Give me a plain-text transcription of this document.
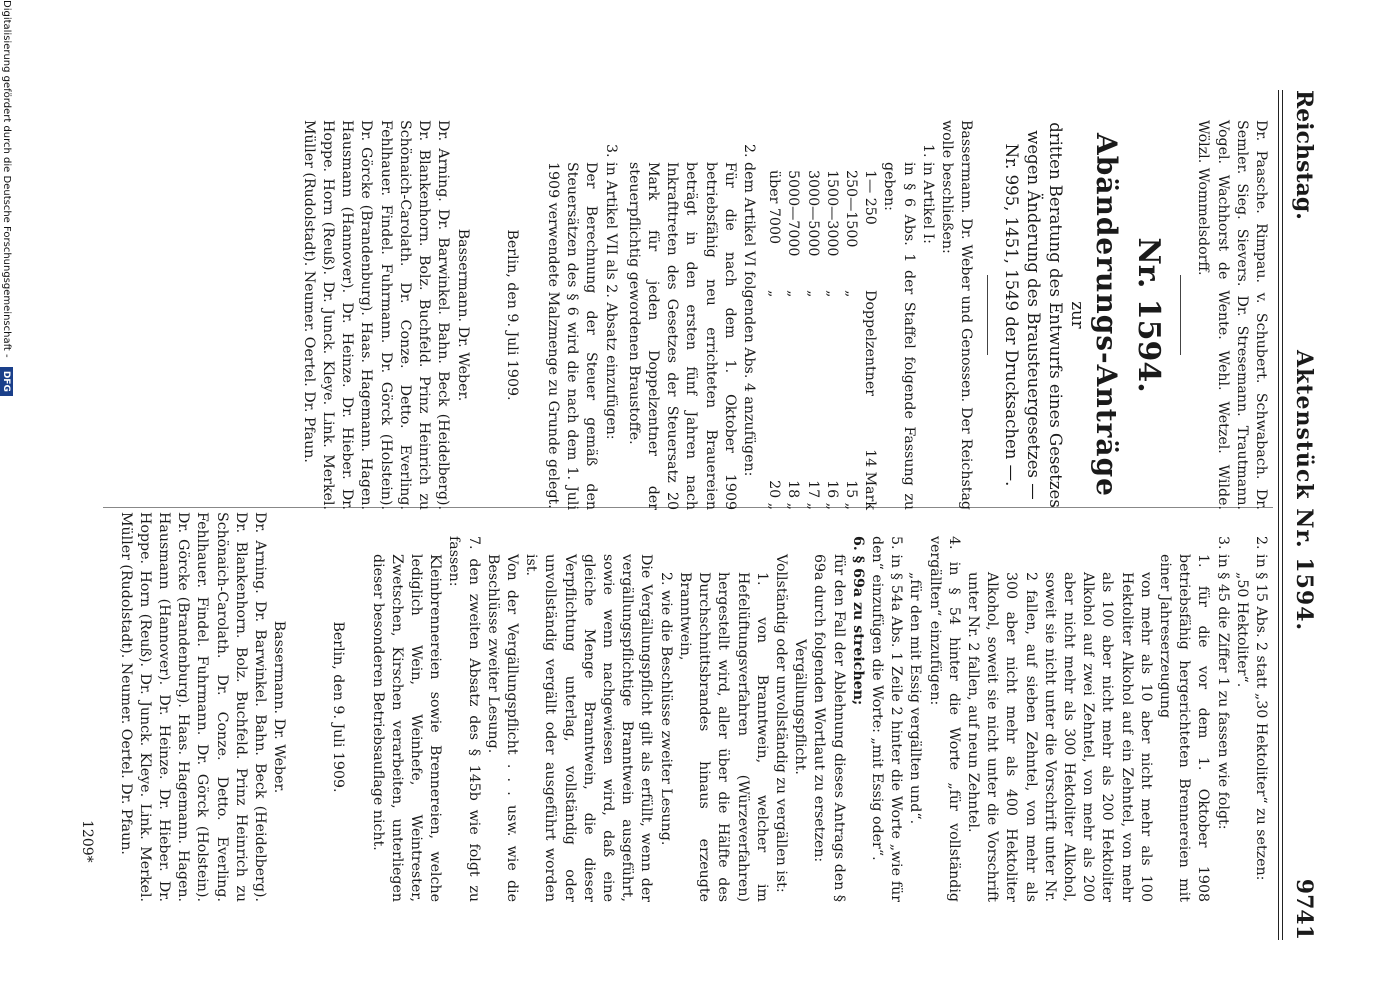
Reichstag.
Aktenstück Nr. 1594.
9741

Dr. Paasche. Rimpau. v. Schubert. Schwabach. Dr. Semler. Sieg. Sievers. Dr. Stresemann. Trautmann. Vogel. Wachhorst de Wente. Wehl. Wetzel. Wilde. Wölzl. Wommelsdorff.

Nr. 1594.
Abänderungs-Anträge
zur
dritten Beratung des Entwurfs eines Gesetzes wegen Änderung des Brausteuergesetzes — Nr. 995, 1451, 1549 der Drucksachen —.

Bassermann. Dr. Weber und Genossen. Der Reichstag wolle beschließen:

1. in Artikel I:

in § 6 Abs. 1 der Staffel folgende Fassung zu geben:

1— 250	Doppelzentner	14 Mark
250—1500	„	15 „
1500—3000	„	16 „
3000—5000	„	17 „
5000—7000	„	18 „
über 7000	„	20 „

2. dem Artikel VI folgenden Abs. 4 anzufügen:

Für die nach dem 1. Oktober 1909 betriebsfähig neu errichteten Brauereien beträgt in den ersten fünf Jahren nach Inkrafttreten des Gesetzes der Steuersatz 20 Mark für jeden Doppelzentner der steuerpflichtig gewordenen Braustoffe.

3. in Artikel VII als 2. Absatz einzufügen:

Der Berechnung der Steuer gemäß den Steuersätzen des § 6 wird die nach dem 1. Juli 1909 verwendete Malzmenge zu Grunde gelegt.

Berlin, den 9. Juli 1909.

Bassermann. Dr. Weber.

Dr. Arning. Dr. Barwinkel. Bahn. Beck (Heidelberg). Dr. Blankenhorn. Bolz. Buchfeld. Prinz Heinrich zu Schönaich-Carolath. Dr. Conze. Detto. Everling. Fehlhauer. Findel. Fuhrmann. Dr. Görck (Holstein). Dr. Görcke (Brandenburg). Haas. Hagemann. Hagen. Hausmann (Hannover). Dr. Heinze. Dr. Hieber. Dr. Hoppe. Horn (Reuß). Dr. Junck. Kleye. Link. Merkel. Müller (Rudolstadt). Neumer. Oertel. Dr. Pfaun.

2. in § 15 Abs. 2 statt „30 Hektoliter“ zu setzen:

„50 Hektoliter“.

3. in § 45 die Ziffer 1 zu fassen wie folgt:

1. für die vor dem 1. Oktober 1908 betriebsfähig hergerichteten Brennereien mit einer Jahreserzeugung

von mehr als 10 aber nicht mehr als 100 Hektoliter Alkohol auf ein Zehntel, von mehr als 100 aber nicht mehr als 200 Hektoliter Alkohol auf zwei Zehntel, von mehr als 200 aber nicht mehr als 300 Hektoliter Alkohol, soweit sie nicht unter die Vorschrift unter Nr. 2 fallen, auf sieben Zehntel, von mehr als 300 aber nicht mehr als 400 Hektoliter Alkohol, soweit sie nicht unter die Vorschrift unter Nr. 2 fallen, auf neun Zehntel.

4. in § 54 hinter die Worte „für vollständig vergällten“ einzufügen:

„für den mit Essig vergällten und“.

5. in § 54a Abs. 1 Zeile 2 hinter die Worte „wie für den“ einzufügen die Worte: „mit Essig oder“.

6. § 69a zu streichen;

für den Fall der Ablehnung dieses Antrags den § 69a durch folgenden Wortlaut zu ersetzen:

Vergällungspflicht.

Vollständig oder unvollständig zu vergällen ist:

1. von Branntwein, welcher im Hefelüftungsverfahren (Würzeverfahren) hergestellt wird, aller über die Hälfte des Durchschnittsbrandes hinaus erzeugte Branntwein,

2. wie die Beschlüsse zweiter Lesung.

Die Vergällungspflicht gilt als erfüllt, wenn der vergällungspflichtige Branntwein ausgeführt, sowie wenn nachgewiesen wird, daß eine gleiche Menge Branntwein, die dieser Verpflichtung unterlag, vollständig oder unvollständig vergällt oder ausgeführt worden ist.

Von der Vergällungspflicht . . . usw. wie die Beschlüsse zweiter Lesung.

7. den zweiten Absatz des § 145b wie folgt zu fassen:

Kleinbrennereien sowie Brennereien, welche lediglich Wein, Weinhefe, Weintrester, Zwetschen, Kirschen verarbeiten, unterliegen dieser besonderen Betriebsauflage nicht.

Berlin, den 9. Juli 1909.

Bassermann. Dr. Weber.

Dr. Arning. Dr. Barwinkel. Bahn. Beck (Heidelberg). Dr. Blankenhorn. Bolz. Buchfeld. Prinz Heinrich zu Schönaich-Carolath. Dr. Conze. Detto. Everling. Fehlhauer. Findel. Fuhrmann. Dr. Görck (Holstein). Dr. Görcke (Brandenburg). Haas. Hagemann. Hagen. Hausmann (Hannover). Dr. Heinze. Dr. Hieber. Dr. Hoppe. Horn (Reuß). Dr. Junck. Kleye. Link. Merkel. Müller (Rudolstadt). Neumer. Oertel. Dr. Pfaun.

1209*
Digitalisierung gefördert durch die Deutsche Forschungsgemeinschaft - DFG
